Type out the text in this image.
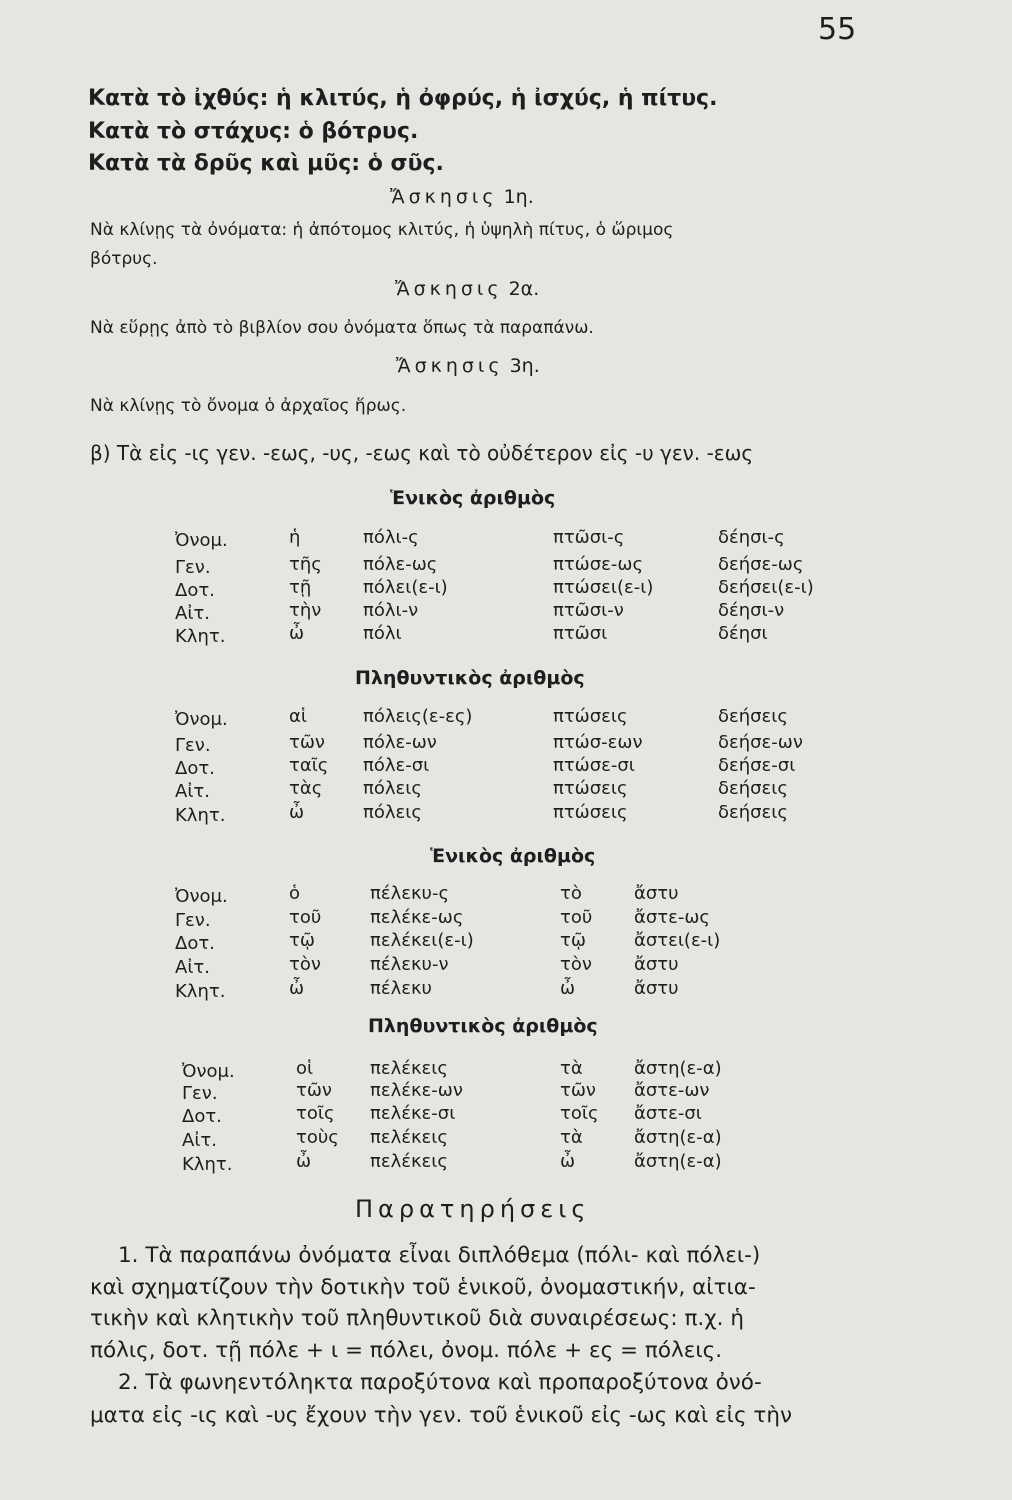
55
Κατὰ τὸ ἰχθύς: ἡ κλιτύς, ἡ ὀφρύς, ἡ ἰσχύς, ἡ πίτυς.
Κατὰ τὸ στάχυς: ὁ βότρυς.
Κατὰ τὰ δρῦς καὶ μῦς: ὁ σῦς.
Ἄσκησις 1η.
Νὰ κλίνῃς τὰ ὀνόματα: ἡ ἀπότομος κλιτύς, ἡ ὑψηλὴ πίτυς, ὁ ὥριμος
βότρυς.
Ἄσκησις 2α.
Νὰ εὕρῃς ἀπὸ τὸ βιβλίον σου ὀνόματα ὅπως τὰ παραπάνω.
Ἄσκησις 3η.
Νὰ κλίνῃς τὸ ὄνομα ὁ ἀρχαῖος ἥρως.
β) Τὰ εἰς -ις γεν. -εως, -υς, -εως καὶ τὸ οὐδέτερον εἰς -υ γεν. -εως
Ἑνικὸς ἀριθμὸς
Ὀνομ.
Γεν.
Δοτ.
Αἰτ.
Κλητ.
ἡ
τῆς
τῇ
τὴν
ὦ
πόλι-ς
πόλε-ως
πόλει(ε-ι)
πόλι-ν
πόλι
πτῶσι-ς
πτώσε-ως
πτώσει(ε-ι)
πτῶσι-ν
πτῶσι
δέησι-ς
δεήσε-ως
δεήσει(ε-ι)
δέησι-ν
δέησι
Πληθυντικὸς ἀριθμὸς
Ὀνομ.
Γεν.
Δοτ.
Αἰτ.
Κλητ.
αἱ
τῶν
ταῖς
τὰς
ὦ
πόλεις(ε-ες)
πόλε-ων
πόλε-σι
πόλεις
πόλεις
πτώσεις
πτώσ-εων
πτώσε-σι
πτώσεις
πτώσεις
δεήσεις
δεήσε-ων
δεήσε-σι
δεήσεις
δεήσεις
Ἑνικὸς ἀριθμὸς
Ὀνομ.
Γεν.
Δοτ.
Αἰτ.
Κλητ.
ὁ
τοῦ
τῷ
τὸν
ὦ
πέλεκυ-ς
πελέκε-ως
πελέκει(ε-ι)
πέλεκυ-ν
πέλεκυ
τὸ
τοῦ
τῷ
τὸν
ὦ
ἄστυ
ἄστε-ως
ἄστει(ε-ι)
ἄστυ
ἄστυ
Πληθυντικὸς ἀριθμὸς
Ὀνομ.
Γεν.
Δοτ.
Αἰτ.
Κλητ.
οἱ
τῶν
τοῖς
τοὺς
ὦ
πελέκεις
πελέκε-ων
πελέκε-σι
πελέκεις
πελέκεις
τὰ
τῶν
τοῖς
τὰ
ὦ
ἄστη(ε-α)
ἄστε-ων
ἄστε-σι
ἄστη(ε-α)
ἄστη(ε-α)
Παρατηρήσεις
1. Τὰ παραπάνω ὀνόματα εἶναι διπλόθεμα (πόλι- καὶ πόλει-)
καὶ σχηματίζουν τὴν δοτικὴν τοῦ ἑνικοῦ, ὀνομαστικήν, αἰτια-
τικὴν καὶ κλητικὴν τοῦ πληθυντικοῦ διὰ συναιρέσεως: π.χ. ἡ
πόλις, δοτ. τῇ πόλε + ι = πόλει, ὀνομ. πόλε + ες = πόλεις.
2. Τὰ φωνηεντόληκτα παροξύτονα καὶ προπαροξύτονα ὀνό-
ματα εἰς -ις καὶ -υς ἔχουν τὴν γεν. τοῦ ἑνικοῦ εἰς -ως καὶ εἰς τὴν
